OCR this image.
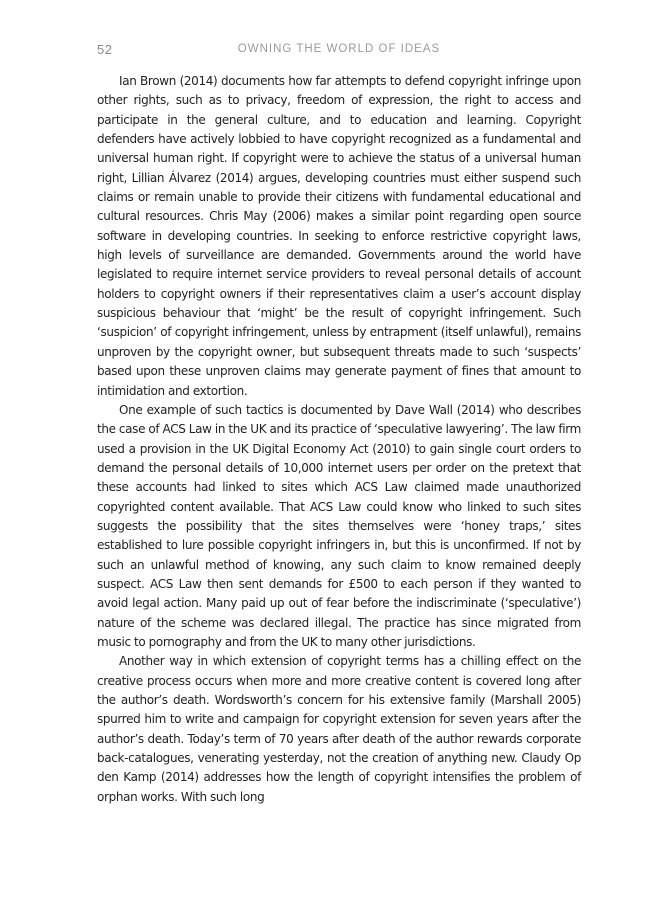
52	OWNING THE WORLD OF IDEAS

Ian Brown (2014) documents how far attempts to defend copyright infringe upon other rights, such as to privacy, freedom of expression, the right to access and participate in the general culture, and to education and learning. Copyright defenders have actively lobbied to have copyright recognized as a fundamental and universal human right. If copyright were to achieve the status of a universal human right, Lillian Álvarez (2014) argues, developing countries must either suspend such claims or remain unable to provide their citizens with fundamental educational and cultural resources. Chris May (2006) makes a similar point regarding open source software in developing countries. In seeking to enforce restrictive copyright laws, high levels of surveillance are demanded. Governments around the world have legislated to require internet service providers to reveal personal details of account holders to copyright owners if their representatives claim a user’s account display suspicious behaviour that ‘might’ be the result of copyright infringement. Such ‘suspicion’ of copyright infringement, unless by entrapment (itself unlawful), remains unproven by the copyright owner, but subsequent threats made to such ‘suspects’ based upon these unproven claims may generate payment of fines that amount to intimidation and extortion.

One example of such tactics is documented by Dave Wall (2014) who describes the case of ACS Law in the UK and its practice of ‘speculative lawyering’. The law firm used a provision in the UK Digital Economy Act (2010) to gain single court orders to demand the personal details of 10,000 internet users per order on the pretext that these accounts had linked to sites which ACS Law claimed made unauthorized copyrighted content available. That ACS Law could know who linked to such sites suggests the possibility that the sites themselves were ‘honey traps,’ sites established to lure possible copyright infringers in, but this is unconfirmed. If not by such an unlawful method of knowing, any such claim to know remained deeply suspect. ACS Law then sent demands for £500 to each person if they wanted to avoid legal action. Many paid up out of fear before the indiscriminate (‘speculative’) nature of the scheme was declared illegal. The practice has since migrated from music to pornography and from the UK to many other jurisdictions.

Another way in which extension of copyright terms has a chilling effect on the creative process occurs when more and more creative content is covered long after the author’s death. Wordsworth’s concern for his extensive family (Marshall 2005) spurred him to write and campaign for copyright extension for seven years after the author’s death. Today’s term of 70 years after death of the author rewards corporate back-catalogues, venerating yesterday, not the creation of anything new. Claudy Op den Kamp (2014) addresses how the length of copyright intensifies the problem of orphan works. With such long
